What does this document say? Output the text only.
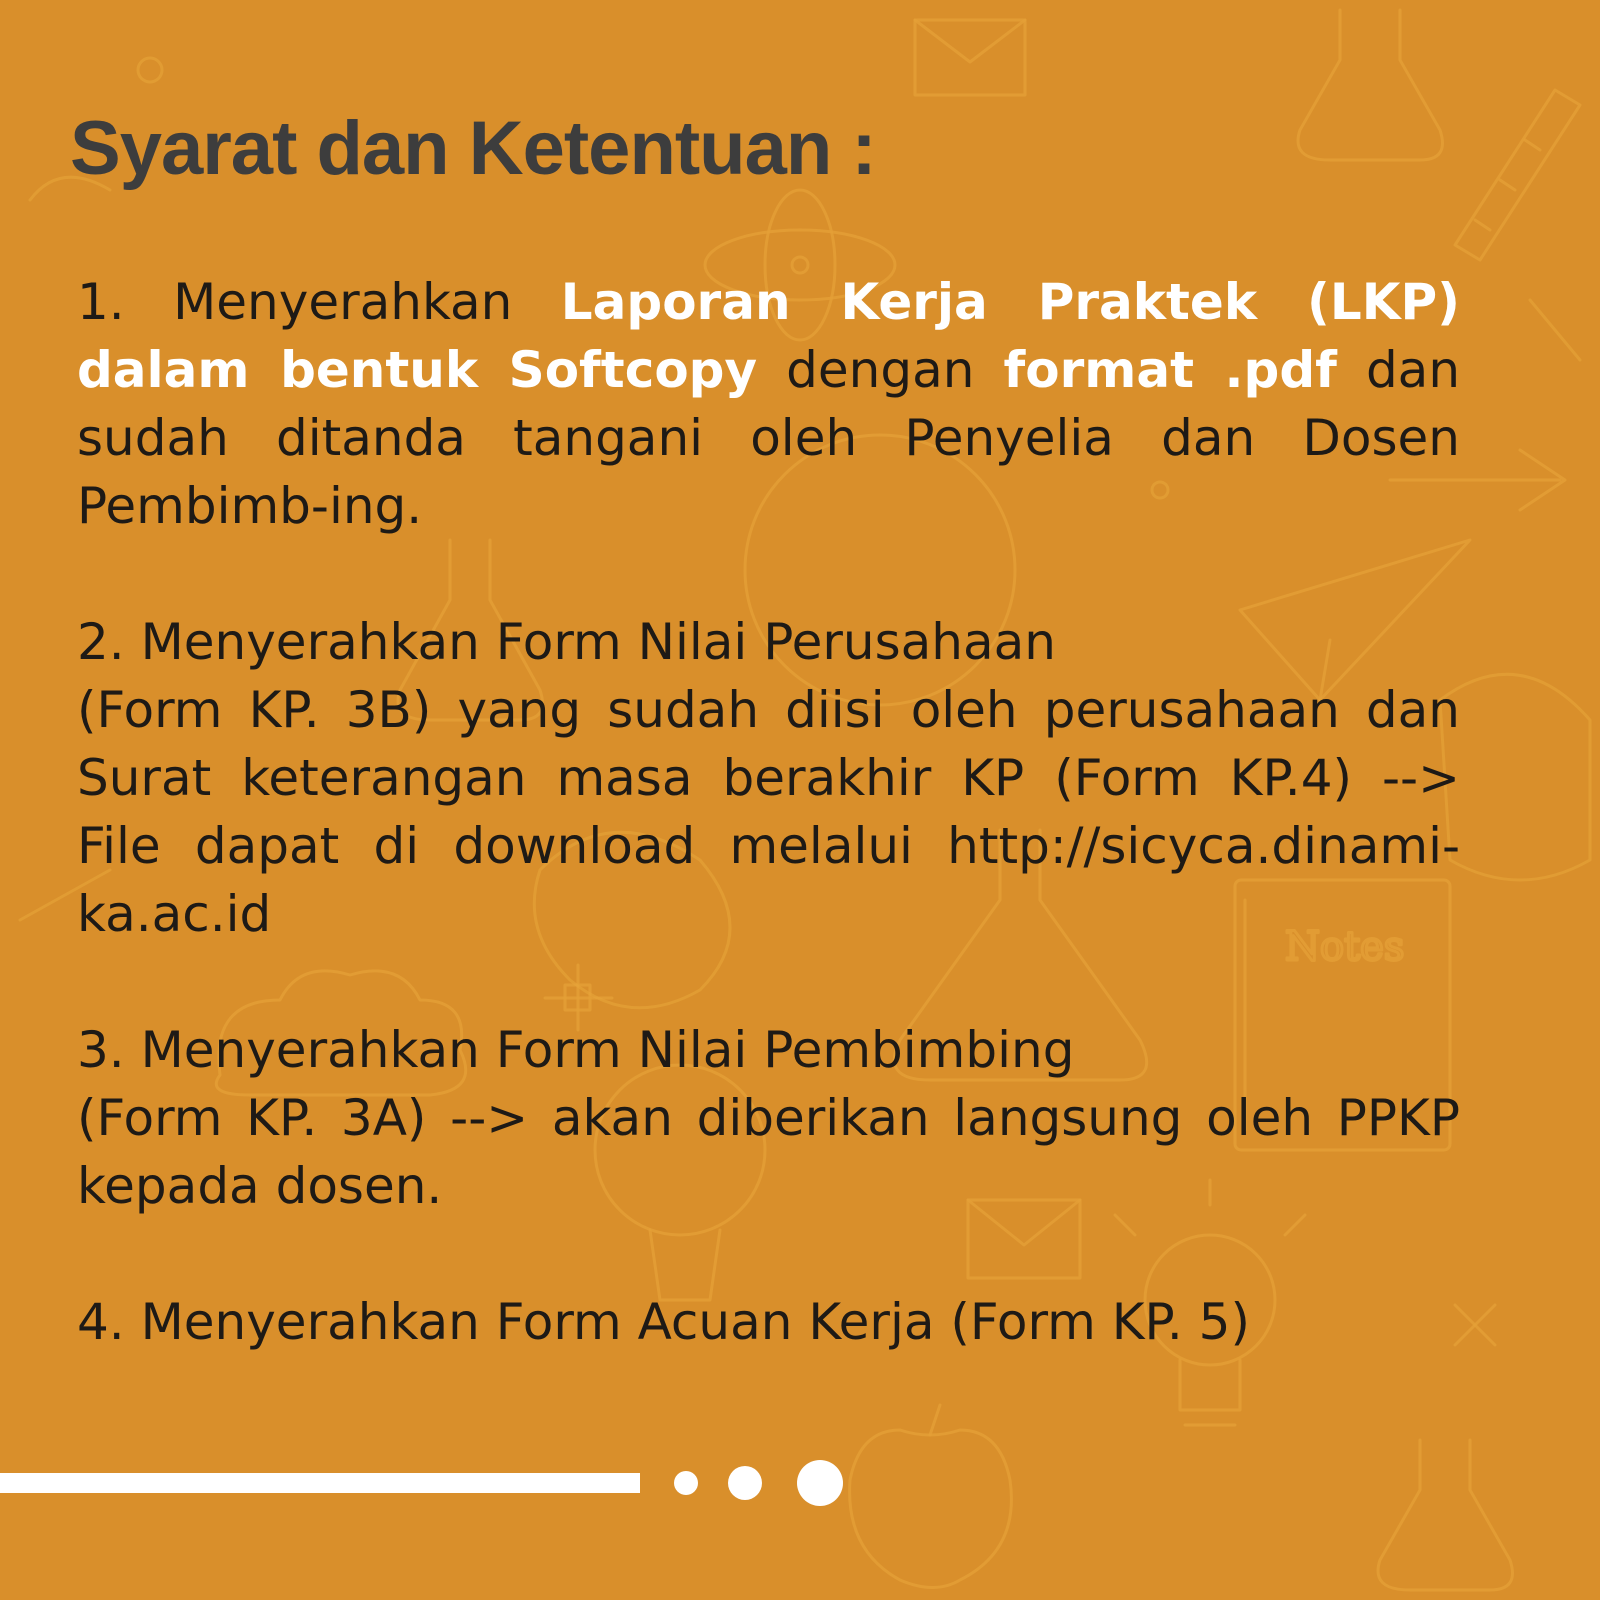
Notes
Syarat dan Ketentuan :

1. Menyerahkan Laporan Kerja Praktek (LKP) dalam bentuk Softcopy dengan format .pdf dan sudah ditanda tangani oleh Penyelia dan Dosen Pembimb-ing.

2. Menyerahkan Form Nilai Perusahaan
(Form KP. 3B) yang sudah diisi oleh perusahaan dan Surat keterangan masa berakhir KP (Form KP.4) --> File dapat di download melalui http://sicyca.dinami-ka.ac.id

3. Menyerahkan Form Nilai Pembimbing
(Form KP. 3A) --> akan diberikan langsung oleh PPKP kepada dosen.

4. Menyerahkan Form Acuan Kerja (Form KP. 5)
